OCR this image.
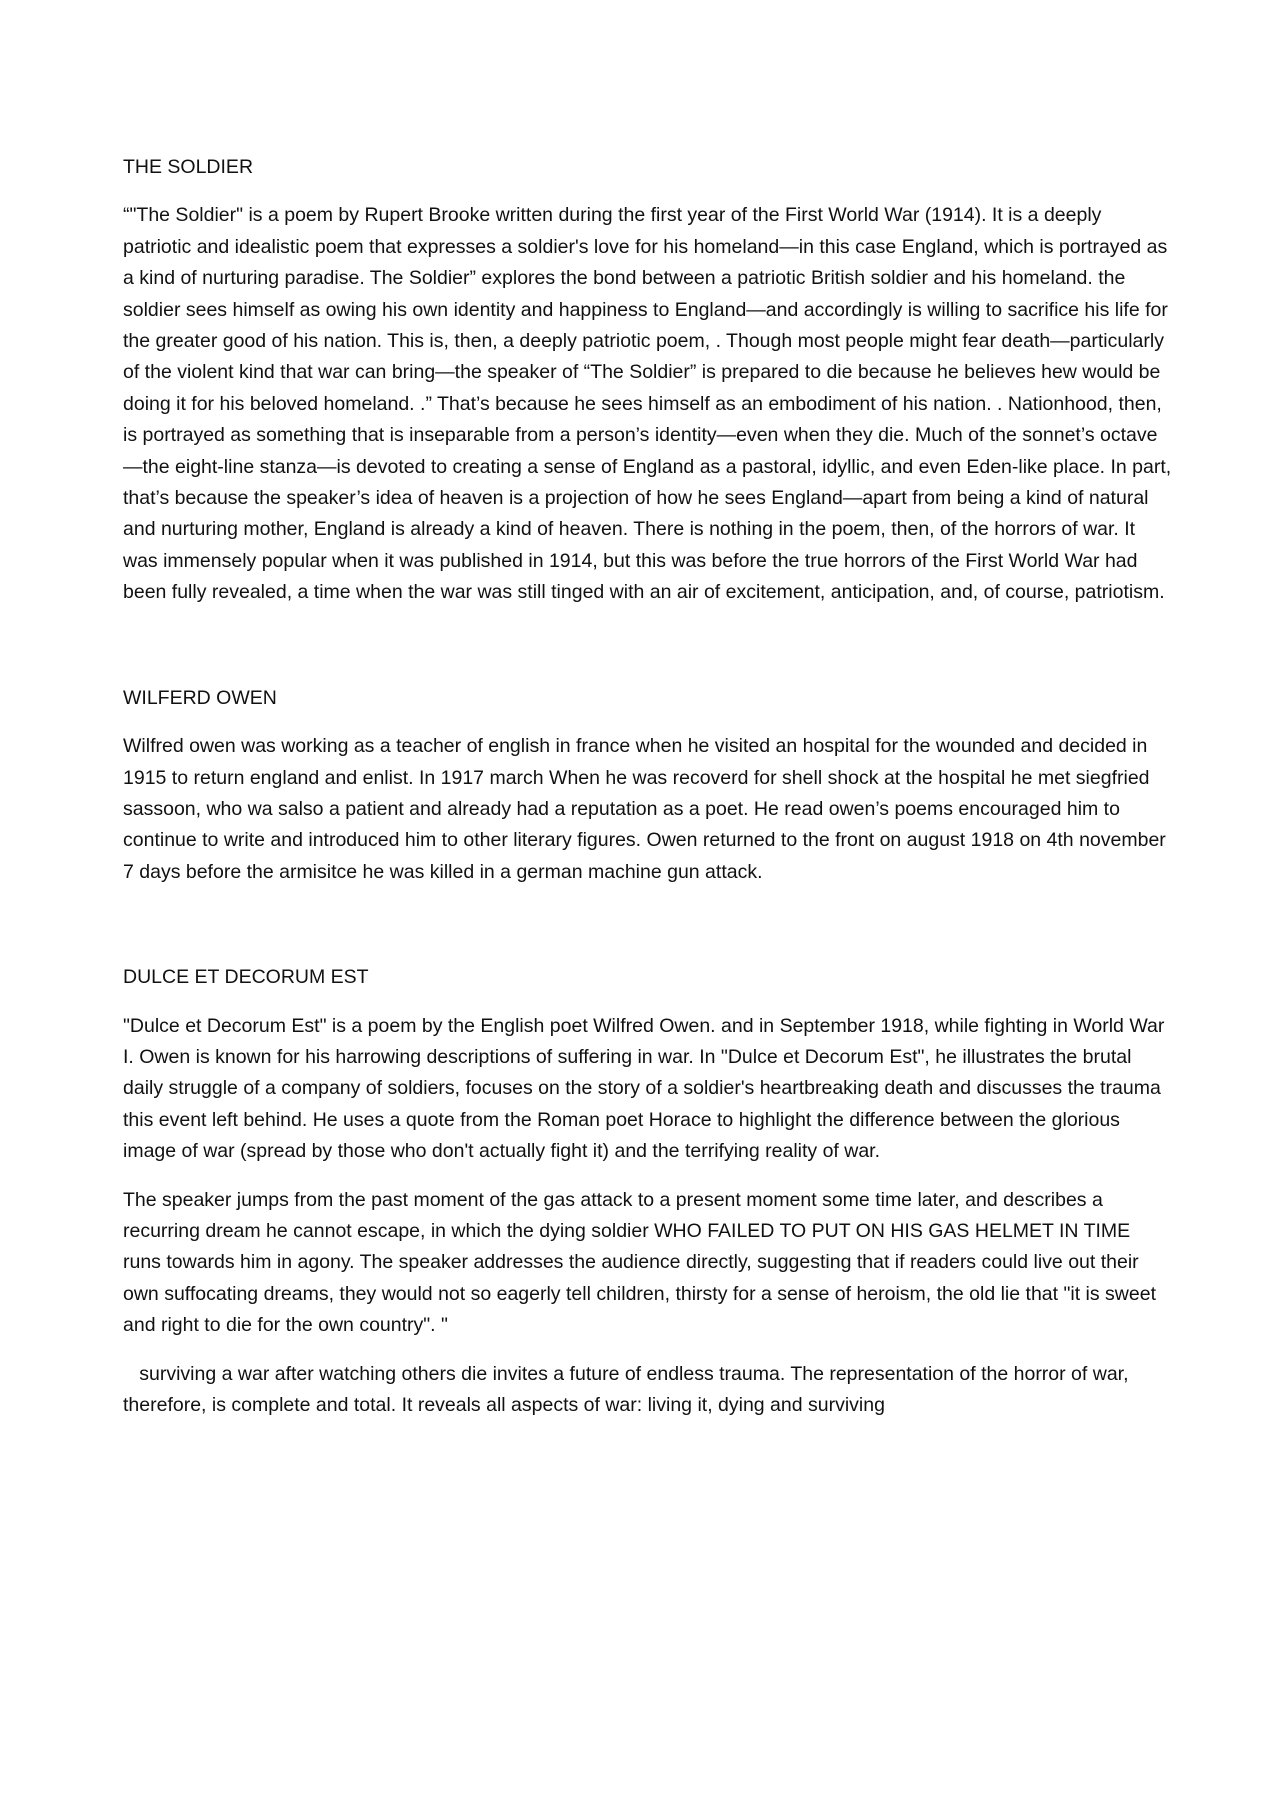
THE SOLDIER

“"The Soldier" is a poem by Rupert Brooke written during the first year of the First World War (1914). It is a deeply patriotic and idealistic poem that expresses a soldier's love for his homeland—in this case England, which is portrayed as a kind of nurturing paradise. The Soldier” explores the bond between a patriotic British soldier and his homeland. the soldier sees himself as owing his own identity and happiness to England—and accordingly is willing to sacrifice his life for the greater good of his nation. This is, then, a deeply patriotic poem, . Though most people might fear death—particularly of the violent kind that war can bring—the speaker of “The Soldier” is prepared to die because he believes hew would be doing it for his beloved homeland. .” That’s because he sees himself as an embodiment of his nation. . Nationhood, then, is portrayed as something that is inseparable from a person’s identity—even when they die. Much of the sonnet’s octave—the eight-line stanza—is devoted to creating a sense of England as a pastoral, idyllic, and even Eden-like place. In part, that’s because the speaker’s idea of heaven is a projection of how he sees England—apart from being a kind of natural and nurturing mother, England is already a kind of heaven. There is nothing in the poem, then, of the horrors of war. It was immensely popular when it was published in 1914, but this was before the true horrors of the First World War had been fully revealed, a time when the war was still tinged with an air of excitement, anticipation, and, of course, patriotism.

WILFERD OWEN

Wilfred owen was working as a teacher of english in france when he visited an hospital for the wounded and decided in 1915 to return england and enlist. In 1917 march When he was recoverd for shell shock at the hospital he met siegfried sassoon, who wa salso a patient and already had a reputation as a poet. He read owen’s poems encouraged him to continue to write and introduced him to other literary figures. Owen returned to the front on august 1918 on 4th november 7 days before the armisitce he was killed in a german machine gun attack.

DULCE ET DECORUM EST

"Dulce et Decorum Est" is a poem by the English poet Wilfred Owen. and in September 1918, while fighting in World War I. Owen is known for his harrowing descriptions of suffering in war. In "Dulce et Decorum Est", he illustrates the brutal daily struggle of a company of soldiers, focuses on the story of a soldier's heartbreaking death and discusses the trauma this event left behind. He uses a quote from the Roman poet Horace to highlight the difference between the glorious image of war (spread by those who don't actually fight it) and the terrifying reality of war.

The speaker jumps from the past moment of the gas attack to a present moment some time later, and describes a recurring dream he cannot escape, in which the dying soldier WHO FAILED TO PUT ON HIS GAS HELMET IN TIME runs towards him in agony. The speaker addresses the audience directly, suggesting that if readers could live out their own suffocating dreams, they would not so eagerly tell children, thirsty for a sense of heroism, the old lie that "it is sweet and right to die for the own country". "

surviving a war after watching others die invites a future of endless trauma. The representation of the horror of war, therefore, is complete and total. It reveals all aspects of war: living it, dying and surviving
